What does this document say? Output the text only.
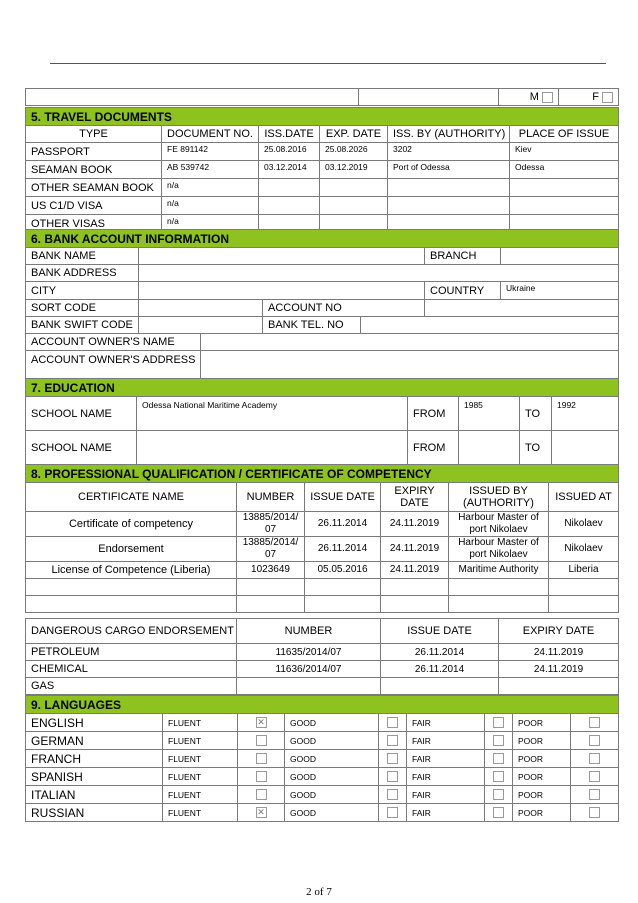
		M	F
5. TRAVEL DOCUMENTS					
TYPE	DOCUMENT NO.	ISS.DATE	EXP. DATE	ISS. BY (AUTHORITY)	PLACE OF ISSUE
PASSPORT	FE 891142	25.08.2016	25.08.2026	3202	Kiev
SEAMAN BOOK	AB 539742	03.12.2014	03.12.2019	Port of Odessa	Odessa
OTHER SEAMAN BOOK	n/a				
US C1/D VISA	n/a				
OTHER VISAS	n/a				
6. BANK ACCOUNT INFORMATION						
BANK NAME					BRANCH	
BANK ADDRESS						
CITY					COUNTRY	Ukraine
SORT CODE			ACCOUNT NO			
BANK SWIFT CODE			BANK TEL. NO			
ACCOUNT OWNER'S NAME						
ACCOUNT OWNER'S ADDRESS						
7. EDUCATION					
SCHOOL NAME	Odessa National Maritime Academy	FROM	1985	TO	1992
SCHOOL NAME		FROM		TO	
8. PROFESSIONAL QUALIFICATION / CERTIFICATE OF COMPETENCY					
CERTIFICATE NAME	NUMBER	ISSUE DATE	EXPIRY DATE	ISSUED BY (AUTHORITY)	ISSUED AT
Certificate of competency	13885/2014/ 07	26.11.2014	24.11.2019	Harbour Master of port Nikolaev	Nikolaev
Endorsement	13885/2014/ 07	26.11.2014	24.11.2019	Harbour Master of port Nikolaev	Nikolaev
License of Competence (Liberia)	1023649	05.05.2016	24.11.2019	Maritime Authority	Liberia

DANGEROUS CARGO ENDORSEMENT	NUMBER	ISSUE DATE	EXPIRY DATE
PETROLEUM	11635/2014/07	26.11.2014	24.11.2019
CHEMICAL	11636/2014/07	26.11.2014	24.11.2019
GAS			
9. LANGUAGES								
ENGLISH	FLUENT	✕	GOOD		FAIR		POOR	
GERMAN	FLUENT		GOOD		FAIR		POOR	
FRANCH	FLUENT		GOOD		FAIR		POOR	
SPANISH	FLUENT		GOOD		FAIR		POOR	
ITALIAN	FLUENT		GOOD		FAIR		POOR	
RUSSIAN	FLUENT	✕	GOOD		FAIR		POOR	
2 of 7
